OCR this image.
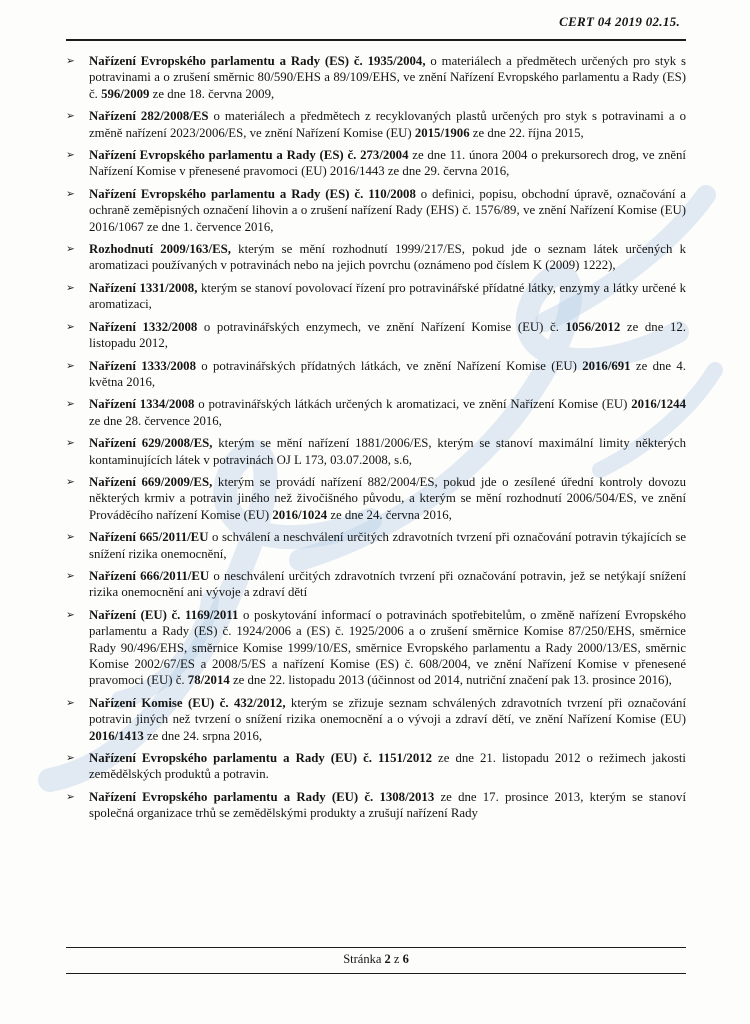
CERT 04 2019 02.15.
➢	Nařízení Evropského parlamentu a Rady (ES) č. 1935/2004, o materiálech a předmětech určených pro styk s potravinami a o zrušení směrnic 80/590/EHS a 89/109/EHS, ve znění Nařízení Evropského parlamentu a Rady (ES) č. 596/2009 ze dne 18. června 2009,
➢	Nařízení 282/2008/ES o materiálech a předmětech z recyklovaných plastů určených pro styk s potravinami a o změně nařízení 2023/2006/ES, ve znění Nařízení Komise (EU) 2015/1906 ze dne 22. října 2015,
➢	Nařízení Evropského parlamentu a Rady (ES) č. 273/2004 ze dne 11. února 2004 o prekursorech drog, ve znění Nařízení Komise v přenesené pravomoci (EU) 2016/1443 ze dne 29. června 2016,
➢	Nařízení Evropského parlamentu a Rady (ES) č. 110/2008 o definici, popisu, obchodní úpravě, označování a ochraně zeměpisných označení lihovin a o zrušení nařízení Rady (EHS) č. 1576/89, ve znění Nařízení Komise (EU) 2016/1067 ze dne 1. července 2016,
➢	Rozhodnutí 2009/163/ES, kterým se mění rozhodnutí 1999/217/ES, pokud jde o seznam látek určených k aromatizaci používaných v potravinách nebo na jejich povrchu (oznámeno pod číslem K (2009) 1222),
➢	Nařízení 1331/2008, kterým se stanoví povolovací řízení pro potravinářské přídatné látky, enzymy a látky určené k aromatizaci,
➢	Nařízení 1332/2008 o potravinářských enzymech, ve znění Nařízení Komise (EU) č. 1056/2012 ze dne 12. listopadu 2012,
➢	Nařízení 1333/2008 o potravinářských přídatných látkách, ve znění Nařízení Komise (EU) 2016/691 ze dne 4. května 2016,
➢	Nařízení 1334/2008 o potravinářských látkách určených k aromatizaci, ve znění Nařízení Komise (EU) 2016/1244 ze dne 28. července 2016,
➢	Nařízení 629/2008/ES, kterým se mění nařízení 1881/2006/ES, kterým se stanoví maximální limity některých kontaminujících látek v potravinách OJ L 173, 03.07.2008, s.6,
➢	Nařízení 669/2009/ES, kterým se provádí nařízení 882/2004/ES, pokud jde o zesílené úřední kontroly dovozu některých krmiv a potravin jiného než živočišného původu, a kterým se mění rozhodnutí 2006/504/ES, ve znění Prováděcího nařízení Komise (EU) 2016/1024 ze dne 24. června 2016,
➢	Nařízení 665/2011/EU o schválení a neschválení určitých zdravotních tvrzení při označování potravin týkajících se snížení rizika onemocnění,
➢	Nařízení 666/2011/EU o neschválení určitých zdravotních tvrzení při označování potravin, jež se netýkají snížení rizika onemocnění ani vývoje a zdraví dětí
➢	Nařízení (EU) č. 1169/2011 o poskytování informací o potravinách spotřebitelům, o změně nařízení Evropského parlamentu a Rady (ES) č. 1924/2006 a (ES) č. 1925/2006 a o zrušení směrnice Komise 87/250/EHS, směrnice Rady 90/496/EHS, směrnice Komise 1999/10/ES, směrnice Evropského parlamentu a Rady 2000/13/ES, směrnic Komise 2002/67/ES a 2008/5/ES a nařízení Komise (ES) č. 608/2004, ve znění Nařízení Komise v přenesené pravomoci (EU) č. 78/2014 ze dne 22. listopadu 2013 (účinnost od 2014, nutriční značení pak 13. prosince 2016),
➢	Nařízení Komise (EU) č. 432/2012, kterým se zřizuje seznam schválených zdravotních tvrzení při označování potravin jiných než tvrzení o snížení rizika onemocnění a o vývoji a zdraví dětí, ve znění Nařízení Komise (EU) 2016/1413 ze dne 24. srpna 2016,
➢	Nařízení Evropského parlamentu a Rady (EU) č. 1151/2012 ze dne 21. listopadu 2012 o režimech jakosti zemědělských produktů a potravin.
➢	Nařízení Evropského parlamentu a Rady (EU) č. 1308/2013 ze dne 17. prosince 2013, kterým se stanoví společná organizace trhů se zemědělskými produkty a zrušují nařízení Rady
Stránka 2 z 6
